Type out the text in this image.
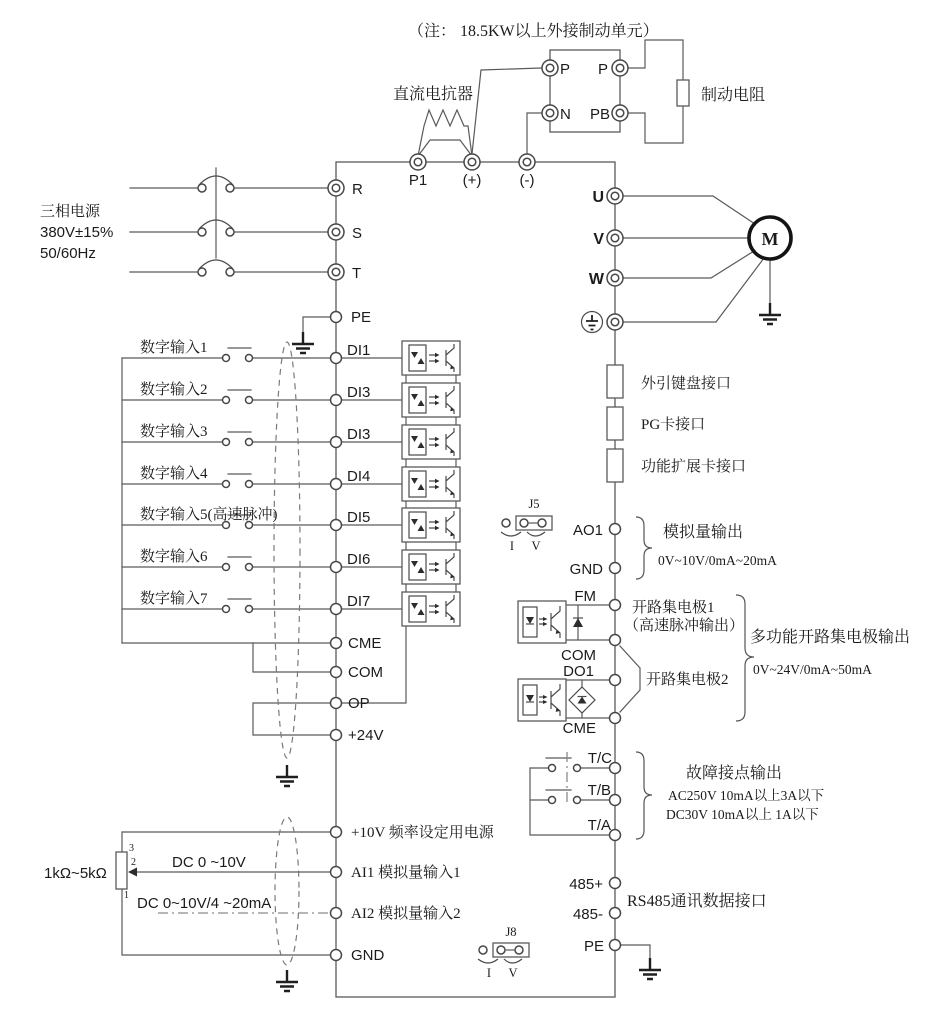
（注： 18.5KW以上外接制动单元）
直流电抗器	制动电阻
P
N
P
PB
P1 (+)	(-)
三相电源
380V±15%
50/60Hz
R
S
T
PE
U
V
W
M
数字输入1
数字输入2
数字输入3
数字输入4
数字输入5(高速脉冲)
数字输入6
数字输入7
DI1
DI3
DI3
DI4
DI5
DI6
DI7
CME
COM
OP
+24V
外引键盘接口
PG卡接口
功能扩展卡接口
J5
I V
AO1
GND
模拟量输出
0V~10V/0mA~20mA
FM
COM
DO1
CME
开路集电极1
（高速脉冲输出）
开路集电极2
多功能开路集电极输出
0V~24V/0mA~50mA
T/C
T/B
T/A
故障接点输出
AC250V 10mA以上3A以下
DC30V 10mA以上 1A以下
+10V 频率设定用电源
1kΩ~5kΩ
3
2
1
DC 0 ~10V
AI1 模拟量输入1
DC 0~10V/4 ~20mA
AI2 模拟量输入2
GND
485+
485-
RS485通讯数据接口
PE
J8
I V
